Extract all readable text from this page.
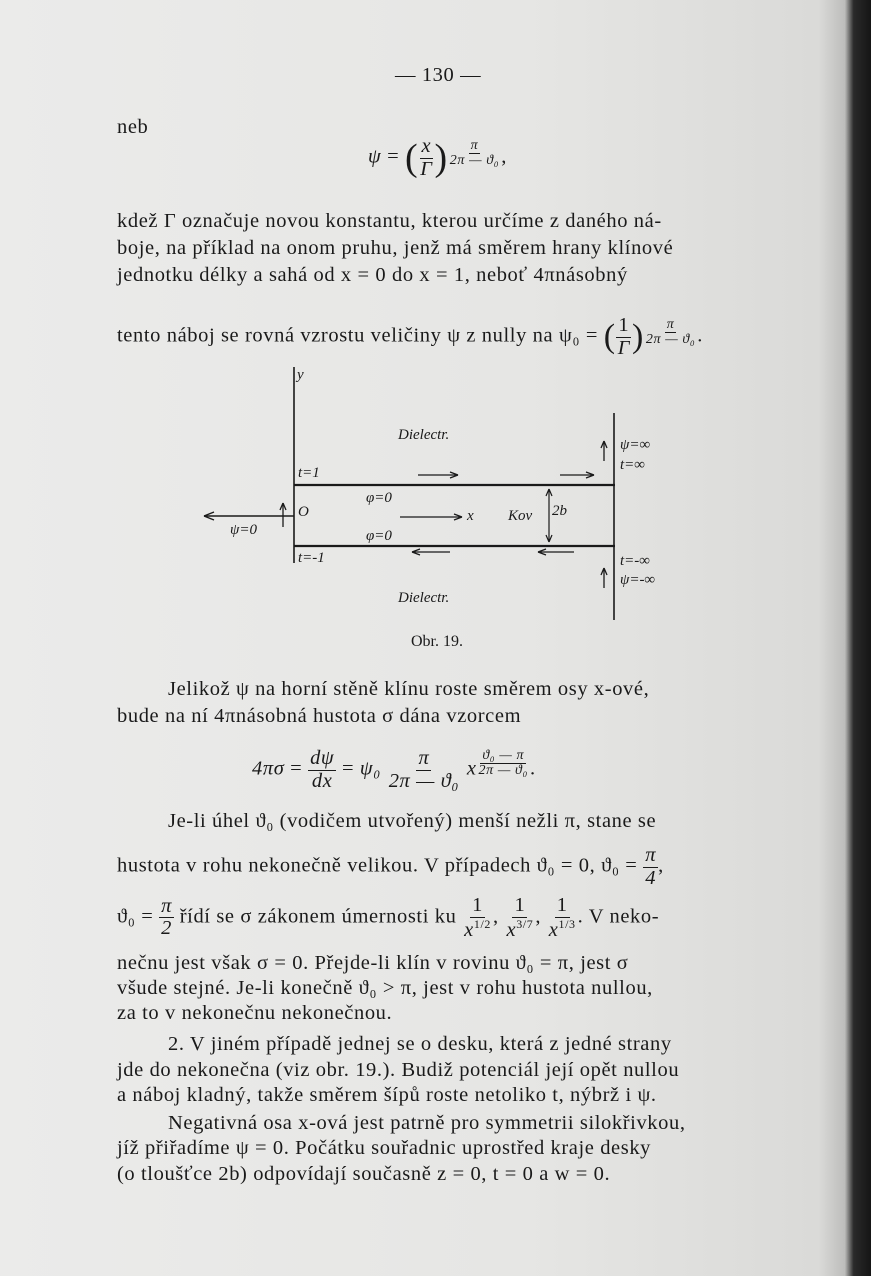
— 130 —
neb
ψ = ( $\frac{x}{\Gamma}$ ) $\frac{\pi}{\text{2π — ϑ₀}}$ ,
kdež Γ označuje novou konstantu, kterou určíme z daného ná-
boje, na příklad na onom pruhu, jenž má směrem hrany klínové
jednotku délky a sahá od x = 0 do x = 1, neboť 4πnásobný
tento náboj se rovná vzrostu veličiny ψ z nully na ψ₀ = ( $\frac{1}{\Gamma}$ ) $\frac{\pi}{\text{2π — ϑ₀}}$ .
y
Dielectr.
ψ=∞
t=∞
t=1
φ=0
O	x Kov 2b
ψ=0	φ=0
t=-1	t=-∞
ψ=-∞
Dielectr.
Obr. 19.
Jelikož ψ na horní stěně klínu roste směrem osy x-ové,
bude na ní 4πnásobná hustota σ dána vzorcem
$4\pi\sigma = \frac{d\psi}{dx} = \psi_0 \frac{\pi}{\text{2π — ϑ₀}}$ x $\frac{\text{ϑ₀ — π}}{\text{2π — ϑ₀}}$ .
Je-li úhel ϑ₀ (vodičem utvořený) menší nežli π, stane se
hustota v rohu nekonečně velikou. V případech ϑ₀ = 0, $ϑ_0 = \frac{\pi}{4}$ ,
$ϑ_0 = \frac{\pi}{2}$ řídí se σ zákonem úmernosti ku $\frac{1}{x^{1/2}}$ , $\frac{1}{x^{3/7}}$ , $\frac{1}{x^{1/3}}$ . V neko-
nečnu jest však σ = 0. Přejde-li klín v rovinu ϑ₀ = π, jest σ
všude stejné. Je-li konečně ϑ₀ > π, jest v rohu hustota nullou,
za to v nekonečnu nekonečnou.
2. V jiném případě jednej se o desku, která z jedné strany
jde do nekonečna (viz obr. 19.). Budiž potenciál její opět nullou
a náboj kladný, takže směrem šípů roste netoliko t, nýbrž i ψ.
Negativná osa x-ová jest patrně pro symmetrii silokřivkou,
jíž přiřadíme ψ = 0. Počátku souřadnic uprostřed kraje desky
(o tloušťce 2b) odpovídají současně z = 0, t = 0 a w = 0.
